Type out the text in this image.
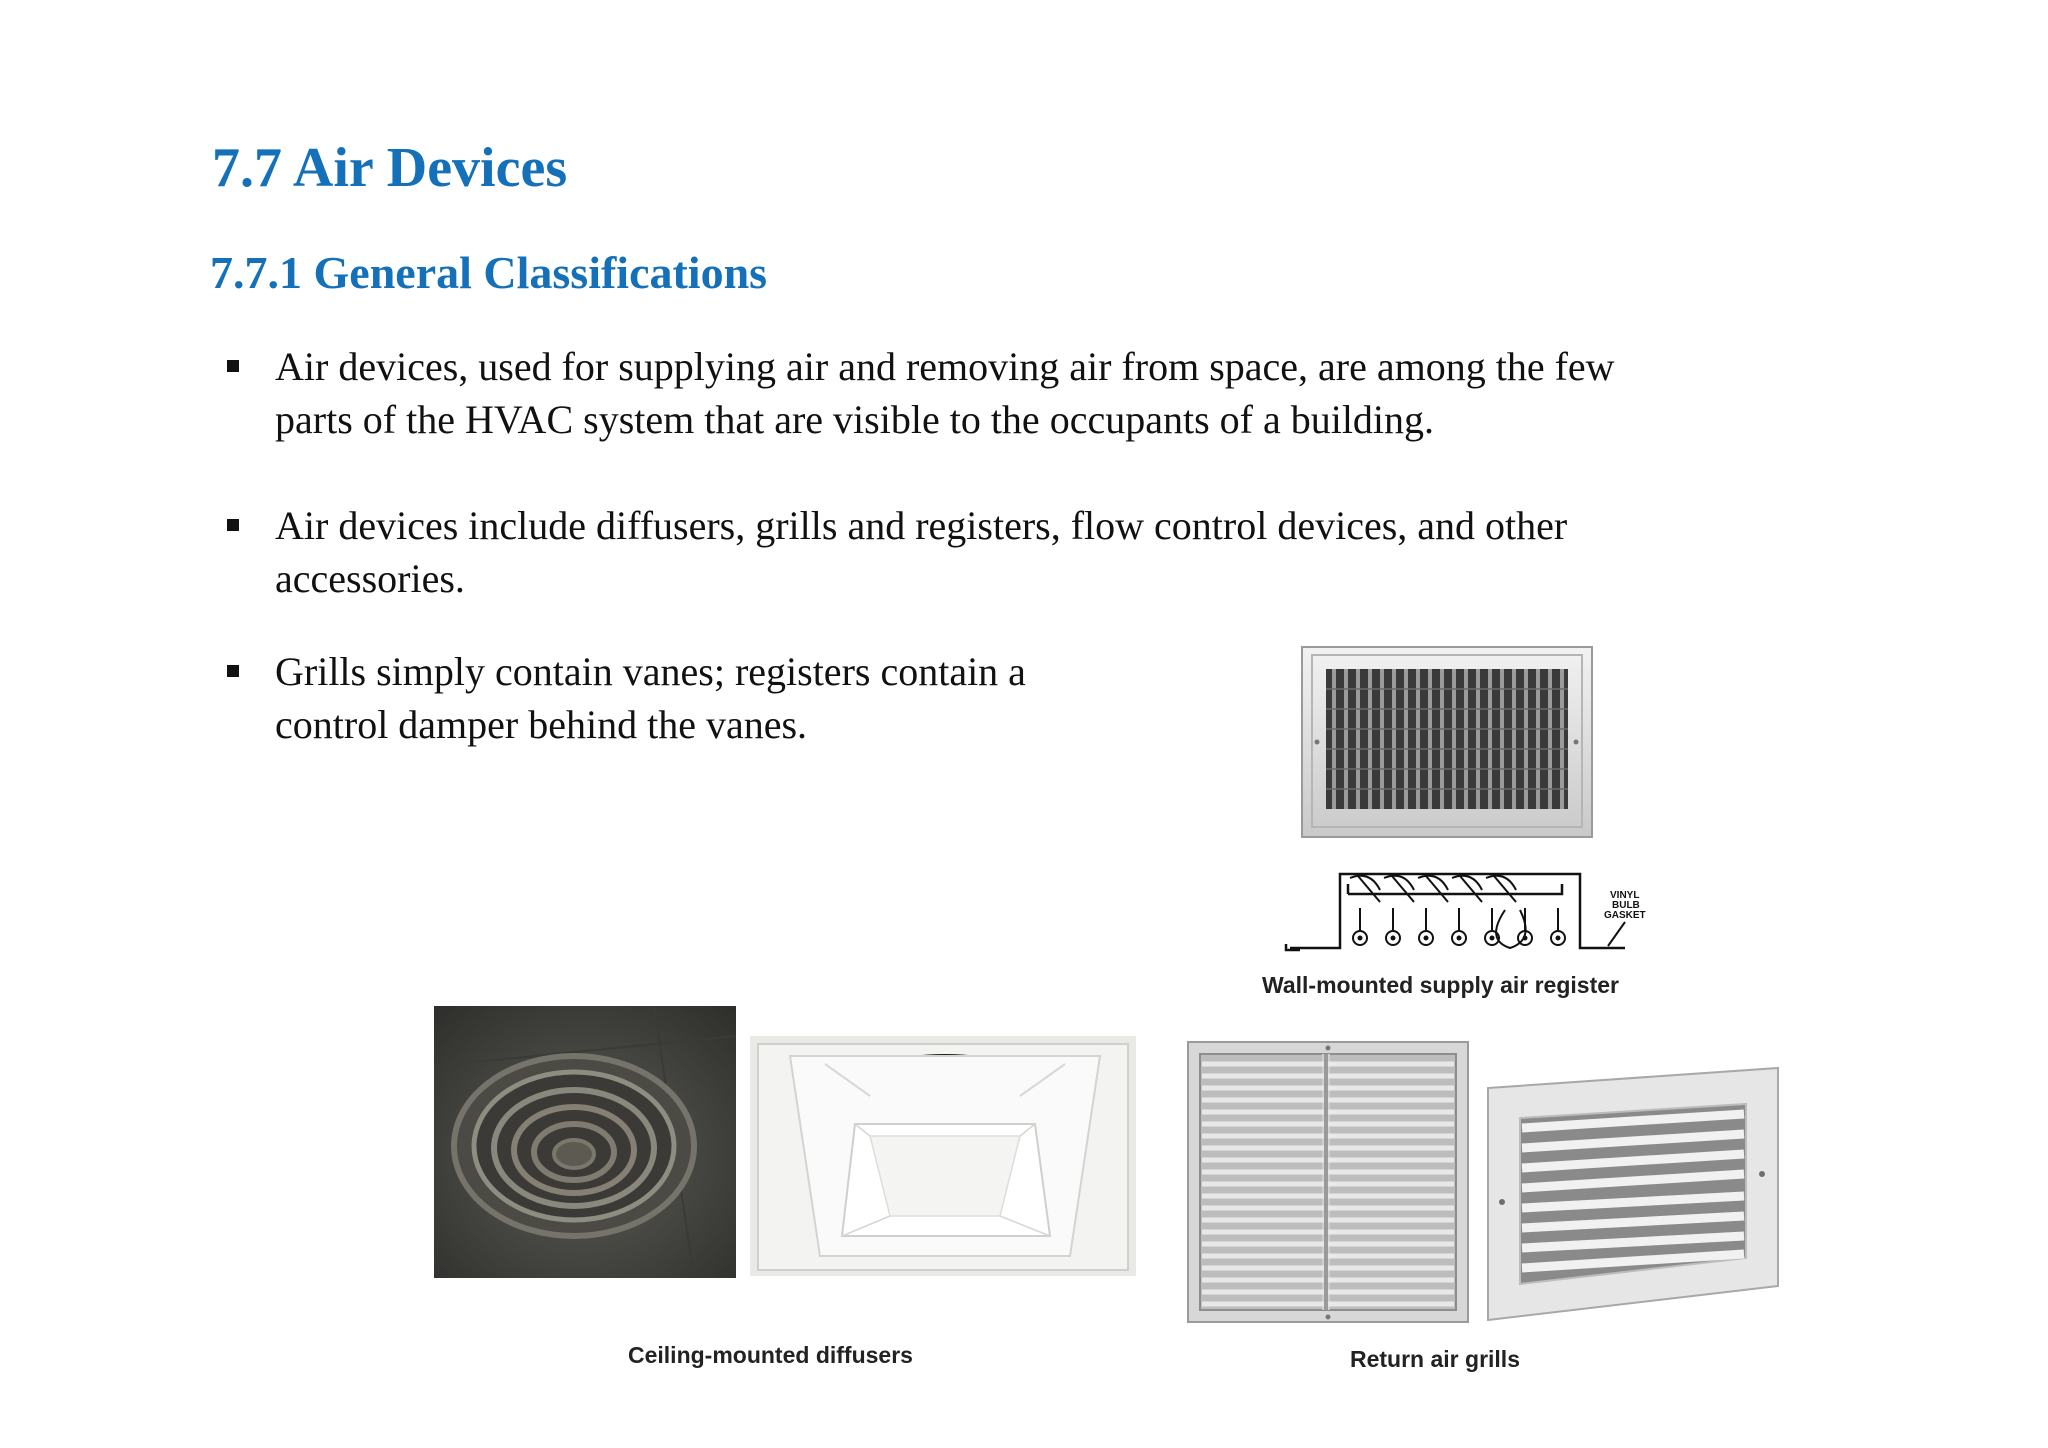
7.7 Air Devices
7.7.1 General Classifications
Air devices, used for supplying air and removing air from space, are among the few
parts of the HVAC system that are visible to the occupants of a building.
Air devices include diffusers, grills and registers, flow control devices, and other
accessories.
Grills simply contain vanes; registers contain a
control damper behind the vanes.
VINYL
BULB
GASKET
Wall-mounted supply air register
Ceiling-mounted diffusers	Return air grills
